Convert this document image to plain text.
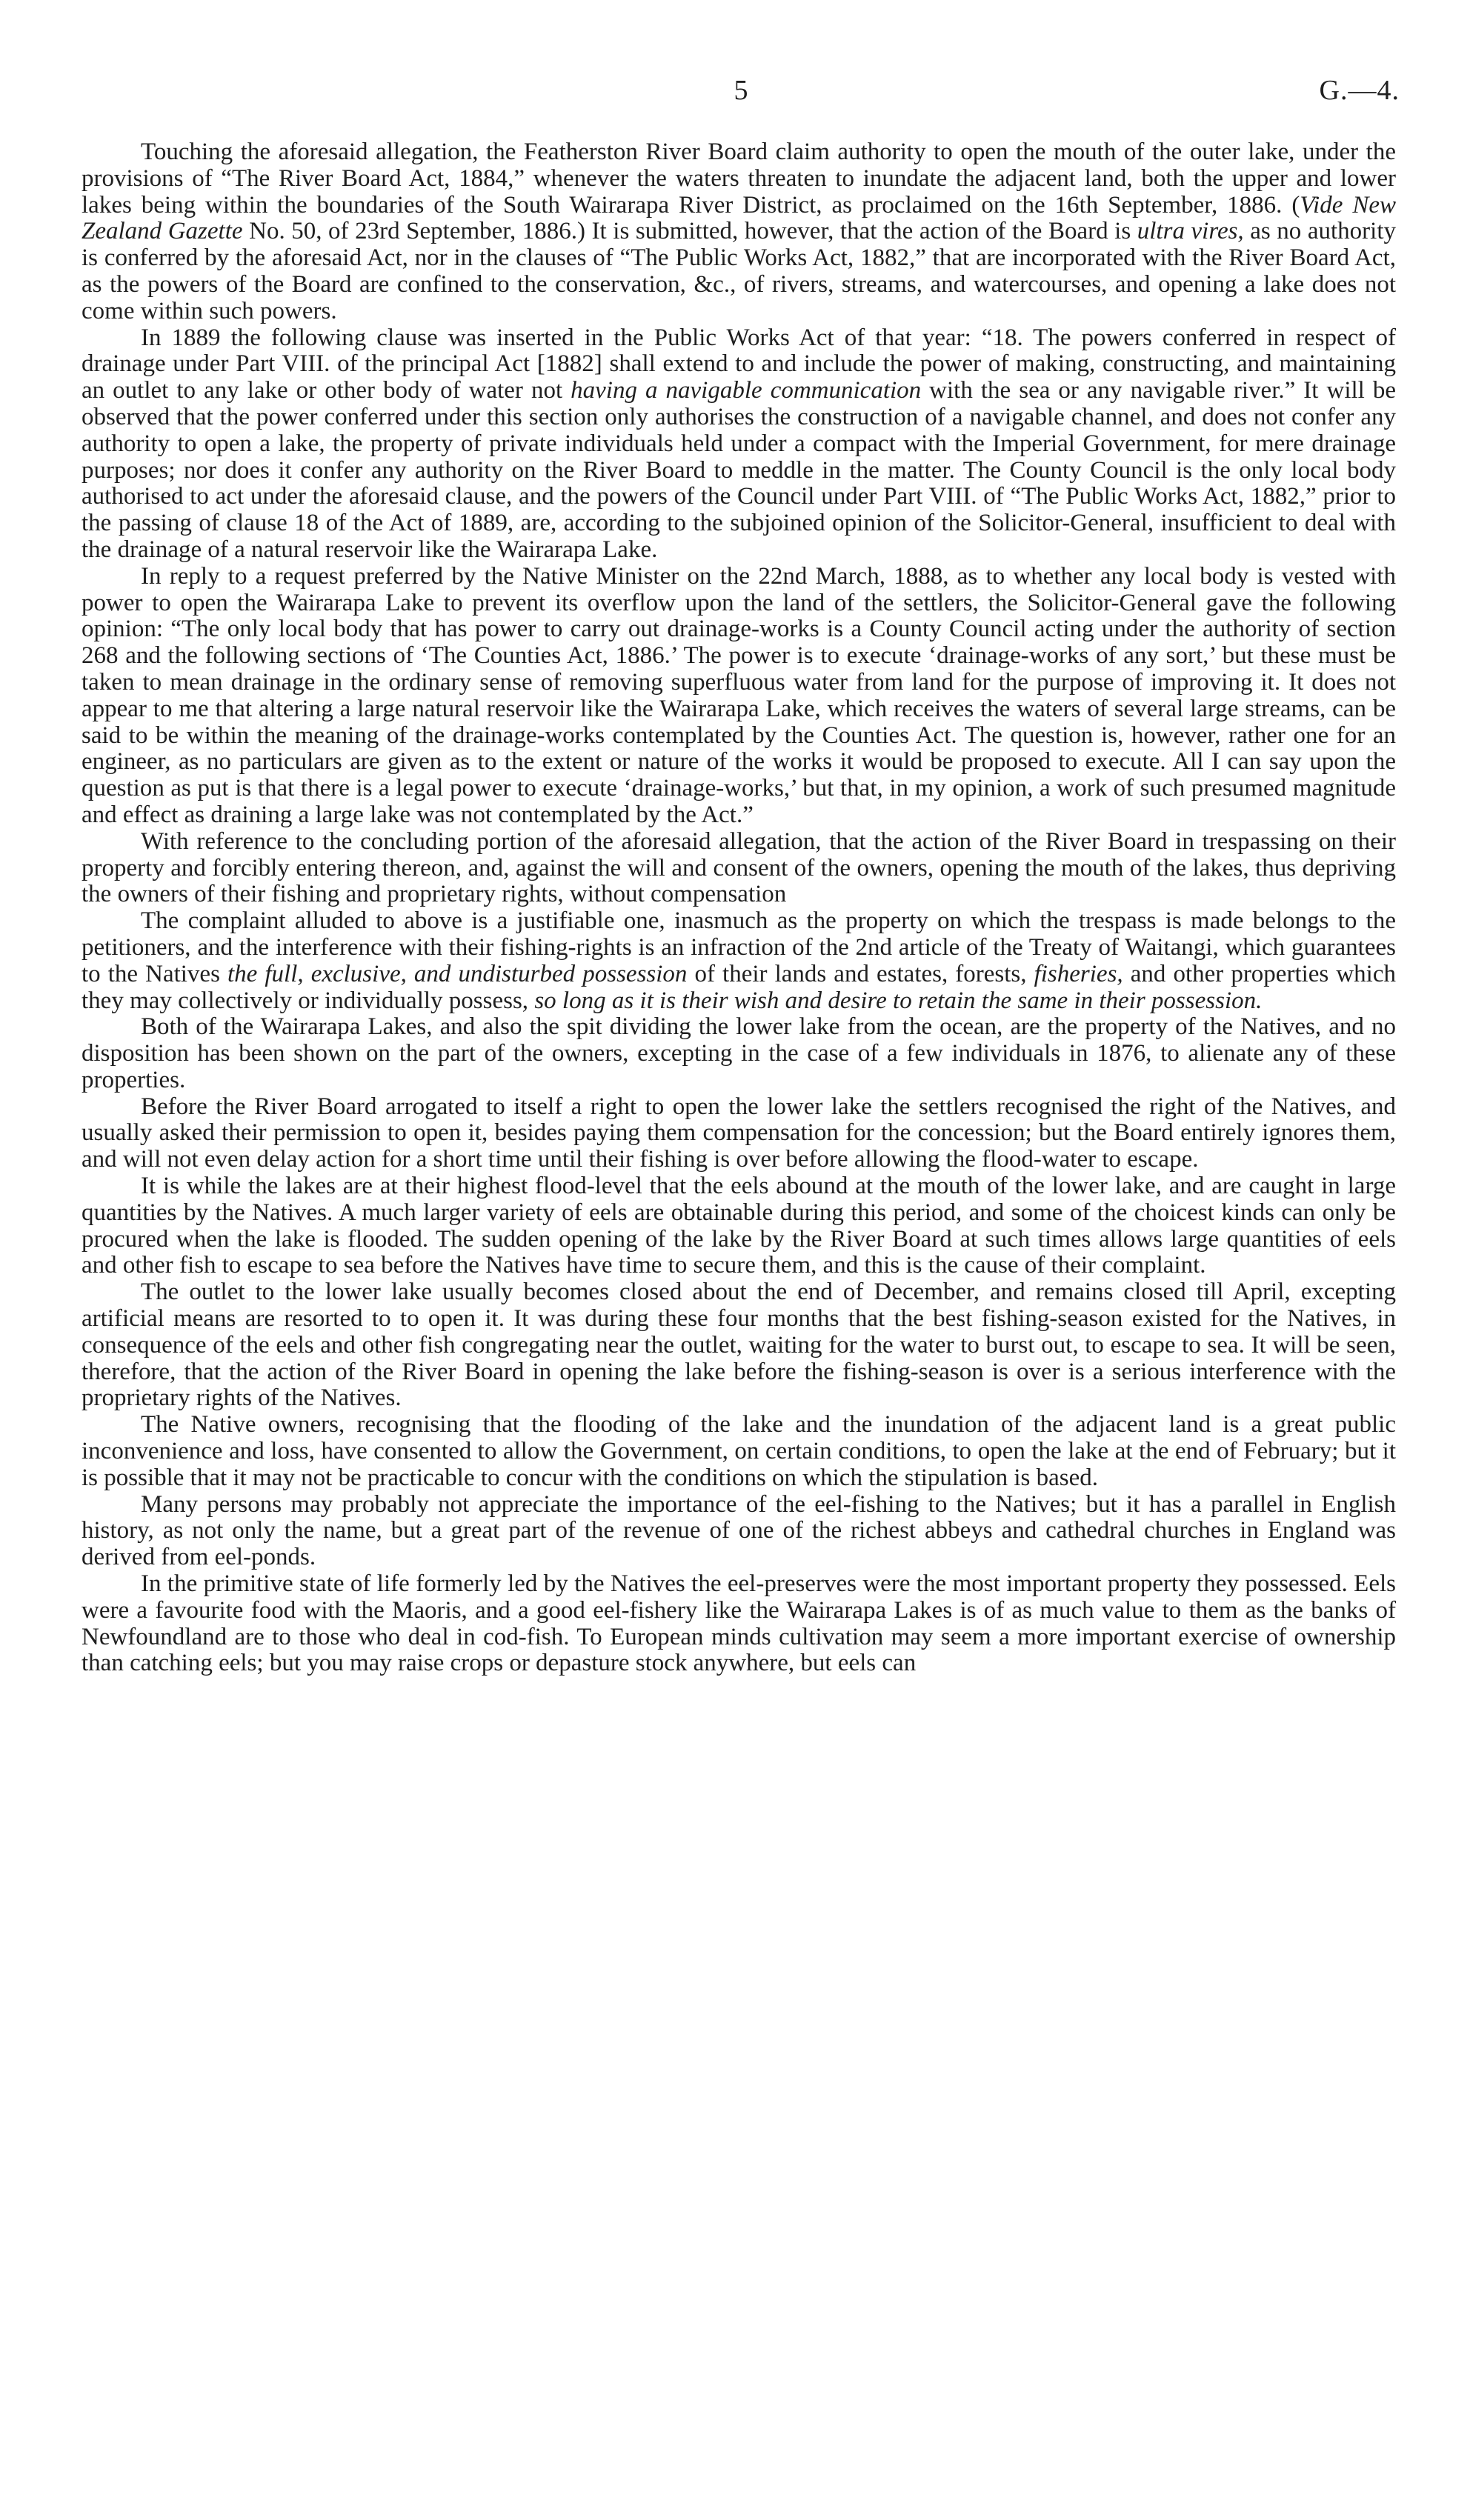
5	G.—4.

Touching the aforesaid allegation, the Featherston River Board claim authority to open the mouth of the outer lake, under the provisions of “The River Board Act, 1884,” whenever the waters threaten to inundate the adjacent land, both the upper and lower lakes being within the boundaries of the South Wairarapa River District, as proclaimed on the 16th September, 1886. (Vide New Zealand Gazette No. 50, of 23rd September, 1886.) It is submitted, however, that the action of the Board is ultra vires, as no authority is conferred by the aforesaid Act, nor in the clauses of “The Public Works Act, 1882,” that are incorporated with the River Board Act, as the powers of the Board are confined to the conservation, &c., of rivers, streams, and watercourses, and opening a lake does not come within such powers.

In 1889 the following clause was inserted in the Public Works Act of that year: “18. The powers conferred in respect of drainage under Part VIII. of the principal Act [1882] shall extend to and include the power of making, constructing, and maintaining an outlet to any lake or other body of water not having a navigable communication with the sea or any navigable river.” It will be observed that the power conferred under this section only authorises the construction of a navigable channel, and does not confer any authority to open a lake, the property of private individuals held under a compact with the Imperial Government, for mere drainage purposes; nor does it confer any authority on the River Board to meddle in the matter. The County Council is the only local body authorised to act under the aforesaid clause, and the powers of the Council under Part VIII. of “The Public Works Act, 1882,” prior to the passing of clause 18 of the Act of 1889, are, according to the subjoined opinion of the Solicitor-General, insufficient to deal with the drainage of a natural reservoir like the Wairarapa Lake.

In reply to a request preferred by the Native Minister on the 22nd March, 1888, as to whether any local body is vested with power to open the Wairarapa Lake to prevent its overflow upon the land of the settlers, the Solicitor-General gave the following opinion: “The only local body that has power to carry out drainage-works is a County Council acting under the authority of section 268 and the following sections of ‘The Counties Act, 1886.’ The power is to execute ‘drainage-works of any sort,’ but these must be taken to mean drainage in the ordinary sense of removing superfluous water from land for the purpose of improving it. It does not appear to me that altering a large natural reservoir like the Wairarapa Lake, which receives the waters of several large streams, can be said to be within the meaning of the drainage-works contemplated by the Counties Act. The question is, however, rather one for an engineer, as no particulars are given as to the extent or nature of the works it would be proposed to execute. All I can say upon the question as put is that there is a legal power to execute ‘drainage-works,’ but that, in my opinion, a work of such presumed magnitude and effect as draining a large lake was not contemplated by the Act.”

With reference to the concluding portion of the aforesaid allegation, that the action of the River Board in trespassing on their property and forcibly entering thereon, and, against the will and consent of the owners, opening the mouth of the lakes, thus depriving the owners of their fishing and proprietary rights, without compensation

The complaint alluded to above is a justifiable one, inasmuch as the property on which the trespass is made belongs to the petitioners, and the interference with their fishing-rights is an infraction of the 2nd article of the Treaty of Waitangi, which guarantees to the Natives the full, exclusive, and undisturbed possession of their lands and estates, forests, fisheries, and other properties which they may collectively or individually possess, so long as it is their wish and desire to retain the same in their possession.

Both of the Wairarapa Lakes, and also the spit dividing the lower lake from the ocean, are the property of the Natives, and no disposition has been shown on the part of the owners, excepting in the case of a few individuals in 1876, to alienate any of these properties.

Before the River Board arrogated to itself a right to open the lower lake the settlers recognised the right of the Natives, and usually asked their permission to open it, besides paying them compensation for the concession; but the Board entirely ignores them, and will not even delay action for a short time until their fishing is over before allowing the flood-water to escape.

It is while the lakes are at their highest flood-level that the eels abound at the mouth of the lower lake, and are caught in large quantities by the Natives. A much larger variety of eels are obtainable during this period, and some of the choicest kinds can only be procured when the lake is flooded. The sudden opening of the lake by the River Board at such times allows large quantities of eels and other fish to escape to sea before the Natives have time to secure them, and this is the cause of their complaint.

The outlet to the lower lake usually becomes closed about the end of December, and remains closed till April, excepting artificial means are resorted to to open it. It was during these four months that the best fishing-season existed for the Natives, in consequence of the eels and other fish congregating near the outlet, waiting for the water to burst out, to escape to sea. It will be seen, therefore, that the action of the River Board in opening the lake before the fishing-season is over is a serious interference with the proprietary rights of the Natives.

The Native owners, recognising that the flooding of the lake and the inundation of the adjacent land is a great public inconvenience and loss, have consented to allow the Government, on certain conditions, to open the lake at the end of February; but it is possible that it may not be practicable to concur with the conditions on which the stipulation is based.

Many persons may probably not appreciate the importance of the eel-fishing to the Natives; but it has a parallel in English history, as not only the name, but a great part of the revenue of one of the richest abbeys and cathedral churches in England was derived from eel-ponds.

In the primitive state of life formerly led by the Natives the eel-preserves were the most important property they possessed. Eels were a favourite food with the Maoris, and a good eel-fishery like the Wairarapa Lakes is of as much value to them as the banks of Newfoundland are to those who deal in cod-fish. To European minds cultivation may seem a more important exercise of ownership than catching eels; but you may raise crops or depasture stock anywhere, but eels can
